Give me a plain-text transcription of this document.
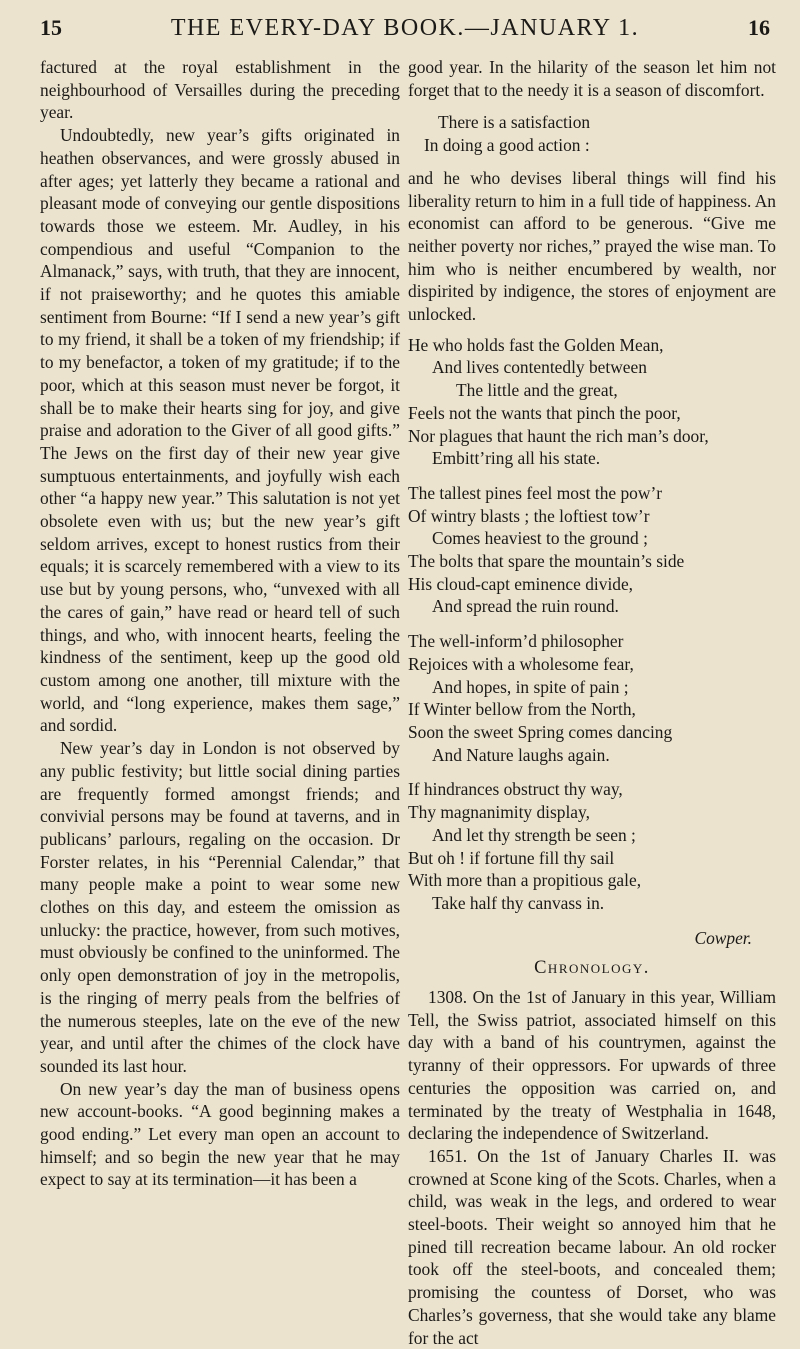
15	THE EVERY-DAY BOOK.—JANUARY 1.	16

factured at the royal establishment in the neighbourhood of Versailles during the preceding year.

Undoubtedly, new year’s gifts originated in heathen observances, and were grossly abused in after ages; yet latterly they became a rational and pleasant mode of conveying our gentle dispositions towards those we esteem. Mr. Audley, in his compendious and useful “Companion to the Almanack,” says, with truth, that they are innocent, if not praiseworthy; and he quotes this amiable sentiment from Bourne: “If I send a new year’s gift to my friend, it shall be a token of my friendship; if to my benefactor, a token of my gratitude; if to the poor, which at this season must never be forgot, it shall be to make their hearts sing for joy, and give praise and adoration to the Giver of all good gifts.” The Jews on the first day of their new year give sumptuous entertainments, and joyfully wish each other “a happy new year.” This salutation is not yet obsolete even with us; but the new year’s gift seldom arrives, except to honest rustics from their equals; it is scarcely remembered with a view to its use but by young persons, who, “unvexed with all the cares of gain,” have read or heard tell of such things, and who, with innocent hearts, feeling the kindness of the sentiment, keep up the good old custom among one another, till mixture with the world, and “long experience, makes them sage,” and sordid.

New year’s day in London is not observed by any public festivity; but little social dining parties are frequently formed amongst friends; and convivial persons may be found at taverns, and in publicans’ parlours, regaling on the occasion. Dr Forster relates, in his “Perennial Calendar,” that many people make a point to wear some new clothes on this day, and esteem the omission as unlucky: the practice, however, from such motives, must obviously be confined to the uninformed. The only open demonstration of joy in the metropolis, is the ringing of merry peals from the belfries of the numerous steeples, late on the eve of the new year, and until after the chimes of the clock have sounded its last hour.

On new year’s day the man of business opens new account-books. “A good beginning makes a good ending.” Let every man open an account to himself; and so begin the new year that he may expect to say at its termination—it has been a

good year. In the hilarity of the season let him not forget that to the needy it is a season of discomfort.

There is a satisfaction
In doing a good action :

and he who devises liberal things will find his liberality return to him in a full tide of happiness. An economist can afford to be generous. “Give me neither poverty nor riches,” prayed the wise man. To him who is neither encumbered by wealth, nor dispirited by indigence, the stores of enjoyment are unlocked.

He who holds fast the Golden Mean,
And lives contentedly between
The little and the great,
Feels not the wants that pinch the poor,
Nor plagues that haunt the rich man’s door,
Embitt’ring all his state.
The tallest pines feel most the pow’r
Of wintry blasts ; the loftiest tow’r
Comes heaviest to the ground ;
The bolts that spare the mountain’s side
His cloud-capt eminence divide,
And spread the ruin round.
The well-inform’d philosopher
Rejoices with a wholesome fear,
And hopes, in spite of pain ;
If Winter bellow from the North,
Soon the sweet Spring comes dancing
And Nature laughs again.
If hindrances obstruct thy way,
Thy magnanimity display,
And let thy strength be seen ;
But oh ! if fortune fill thy sail
With more than a propitious gale,
Take half thy canvass in.
Cowper.
Chronology.

1308. On the 1st of January in this year, William Tell, the Swiss patriot, associated himself on this day with a band of his countrymen, against the tyranny of their oppressors. For upwards of three centuries the opposition was carried on, and terminated by the treaty of Westphalia in 1648, declaring the independence of Switzerland.

1651. On the 1st of January Charles II. was crowned at Scone king of the Scots. Charles, when a child, was weak in the legs, and ordered to wear steel-boots. Their weight so annoyed him that he pined till recreation became labour. An old rocker took off the steel-boots, and concealed them; promising the countess of Dorset, who was Charles’s governess, that she would take any blame for the act
